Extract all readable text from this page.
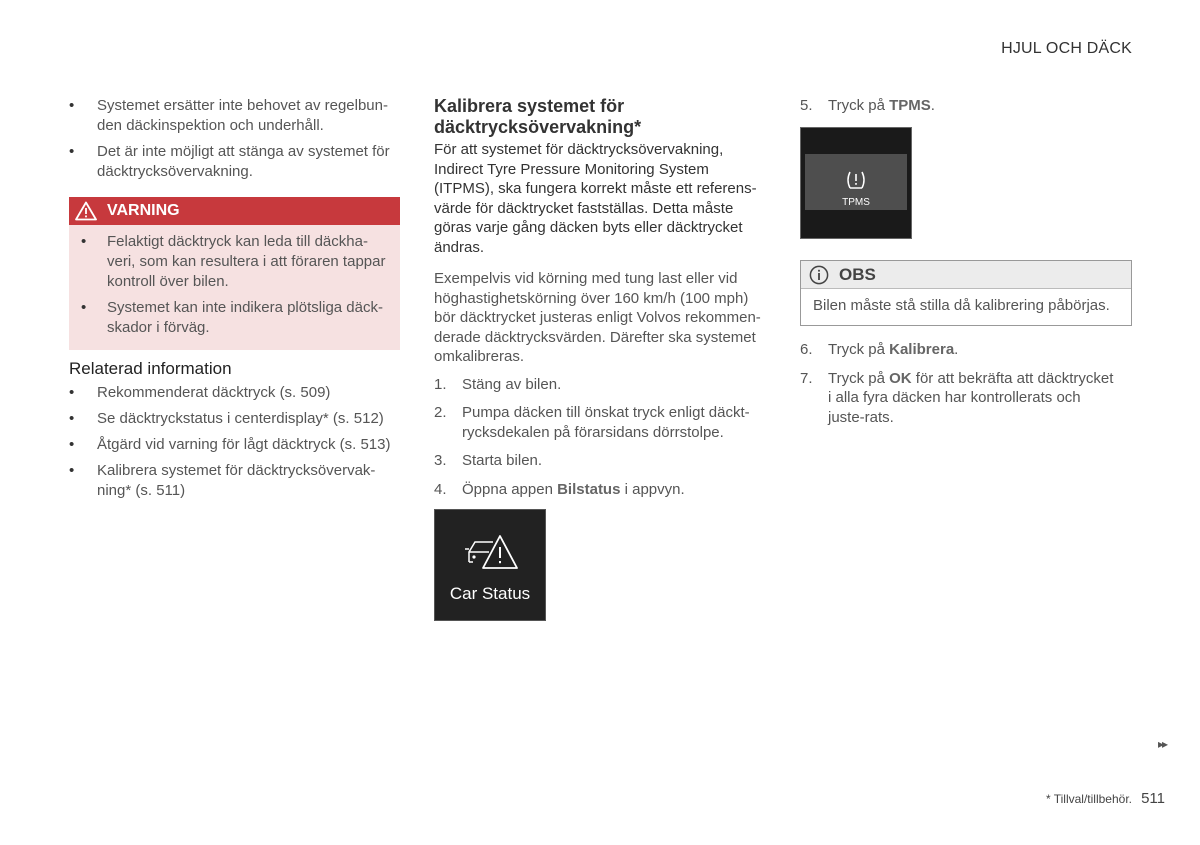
HJUL OCH DÄCK
• Systemet ersätter inte behovet av regelbun-den däckinspektion och underhåll.
• Det är inte möjligt att stänga av systemet för däcktrycksövervakning.
VARNING
• Felaktigt däcktryck kan leda till däckha-veri, som kan resultera i att föraren tappar kontroll över bilen.
• Systemet kan inte indikera plötsliga däck-skador i förväg.
Relaterad information
• Rekommenderat däcktryck (s. 509)
• Se däcktryckstatus i centerdisplay* (s. 512)
• Åtgärd vid varning för lågt däcktryck (s. 513)
• Kalibrera systemet för däcktrycksövervak-ning* (s. 511)
Kalibrera systemet för däcktrycksövervakning*

För att systemet för däcktrycksövervakning, Indirect Tyre Pressure Monitoring System (ITPMS), ska fungera korrekt måste ett referens-värde för däcktrycket fastställas. Detta måste göras varje gång däcken byts eller däcktrycket ändras.

Exempelvis vid körning med tung last eller vid höghastighetskörning över 160 km/h (100 mph) bör däcktrycket justeras enligt Volvos rekommen-derade däcktrycksvärden. Därefter ska systemet omkalibreras.

1. Stäng av bilen.
2. Pumpa däcken till önskat tryck enligt däckt-rycksdekalen på förarsidans dörrstolpe.
3. Starta bilen.
4. Öppna appen Bilstatus i appvyn.
Car Status
5. Tryck på TPMS.
TPMS
OBS
Bilen måste stå stilla då kalibrering påbörjas.
6. Tryck på Kalibrera.
7. Tryck på OK för att bekräfta att däcktrycket i alla fyra däcken har kontrollerats och juste-rats.
▸▸
* Tillval/tillbehör. 511
